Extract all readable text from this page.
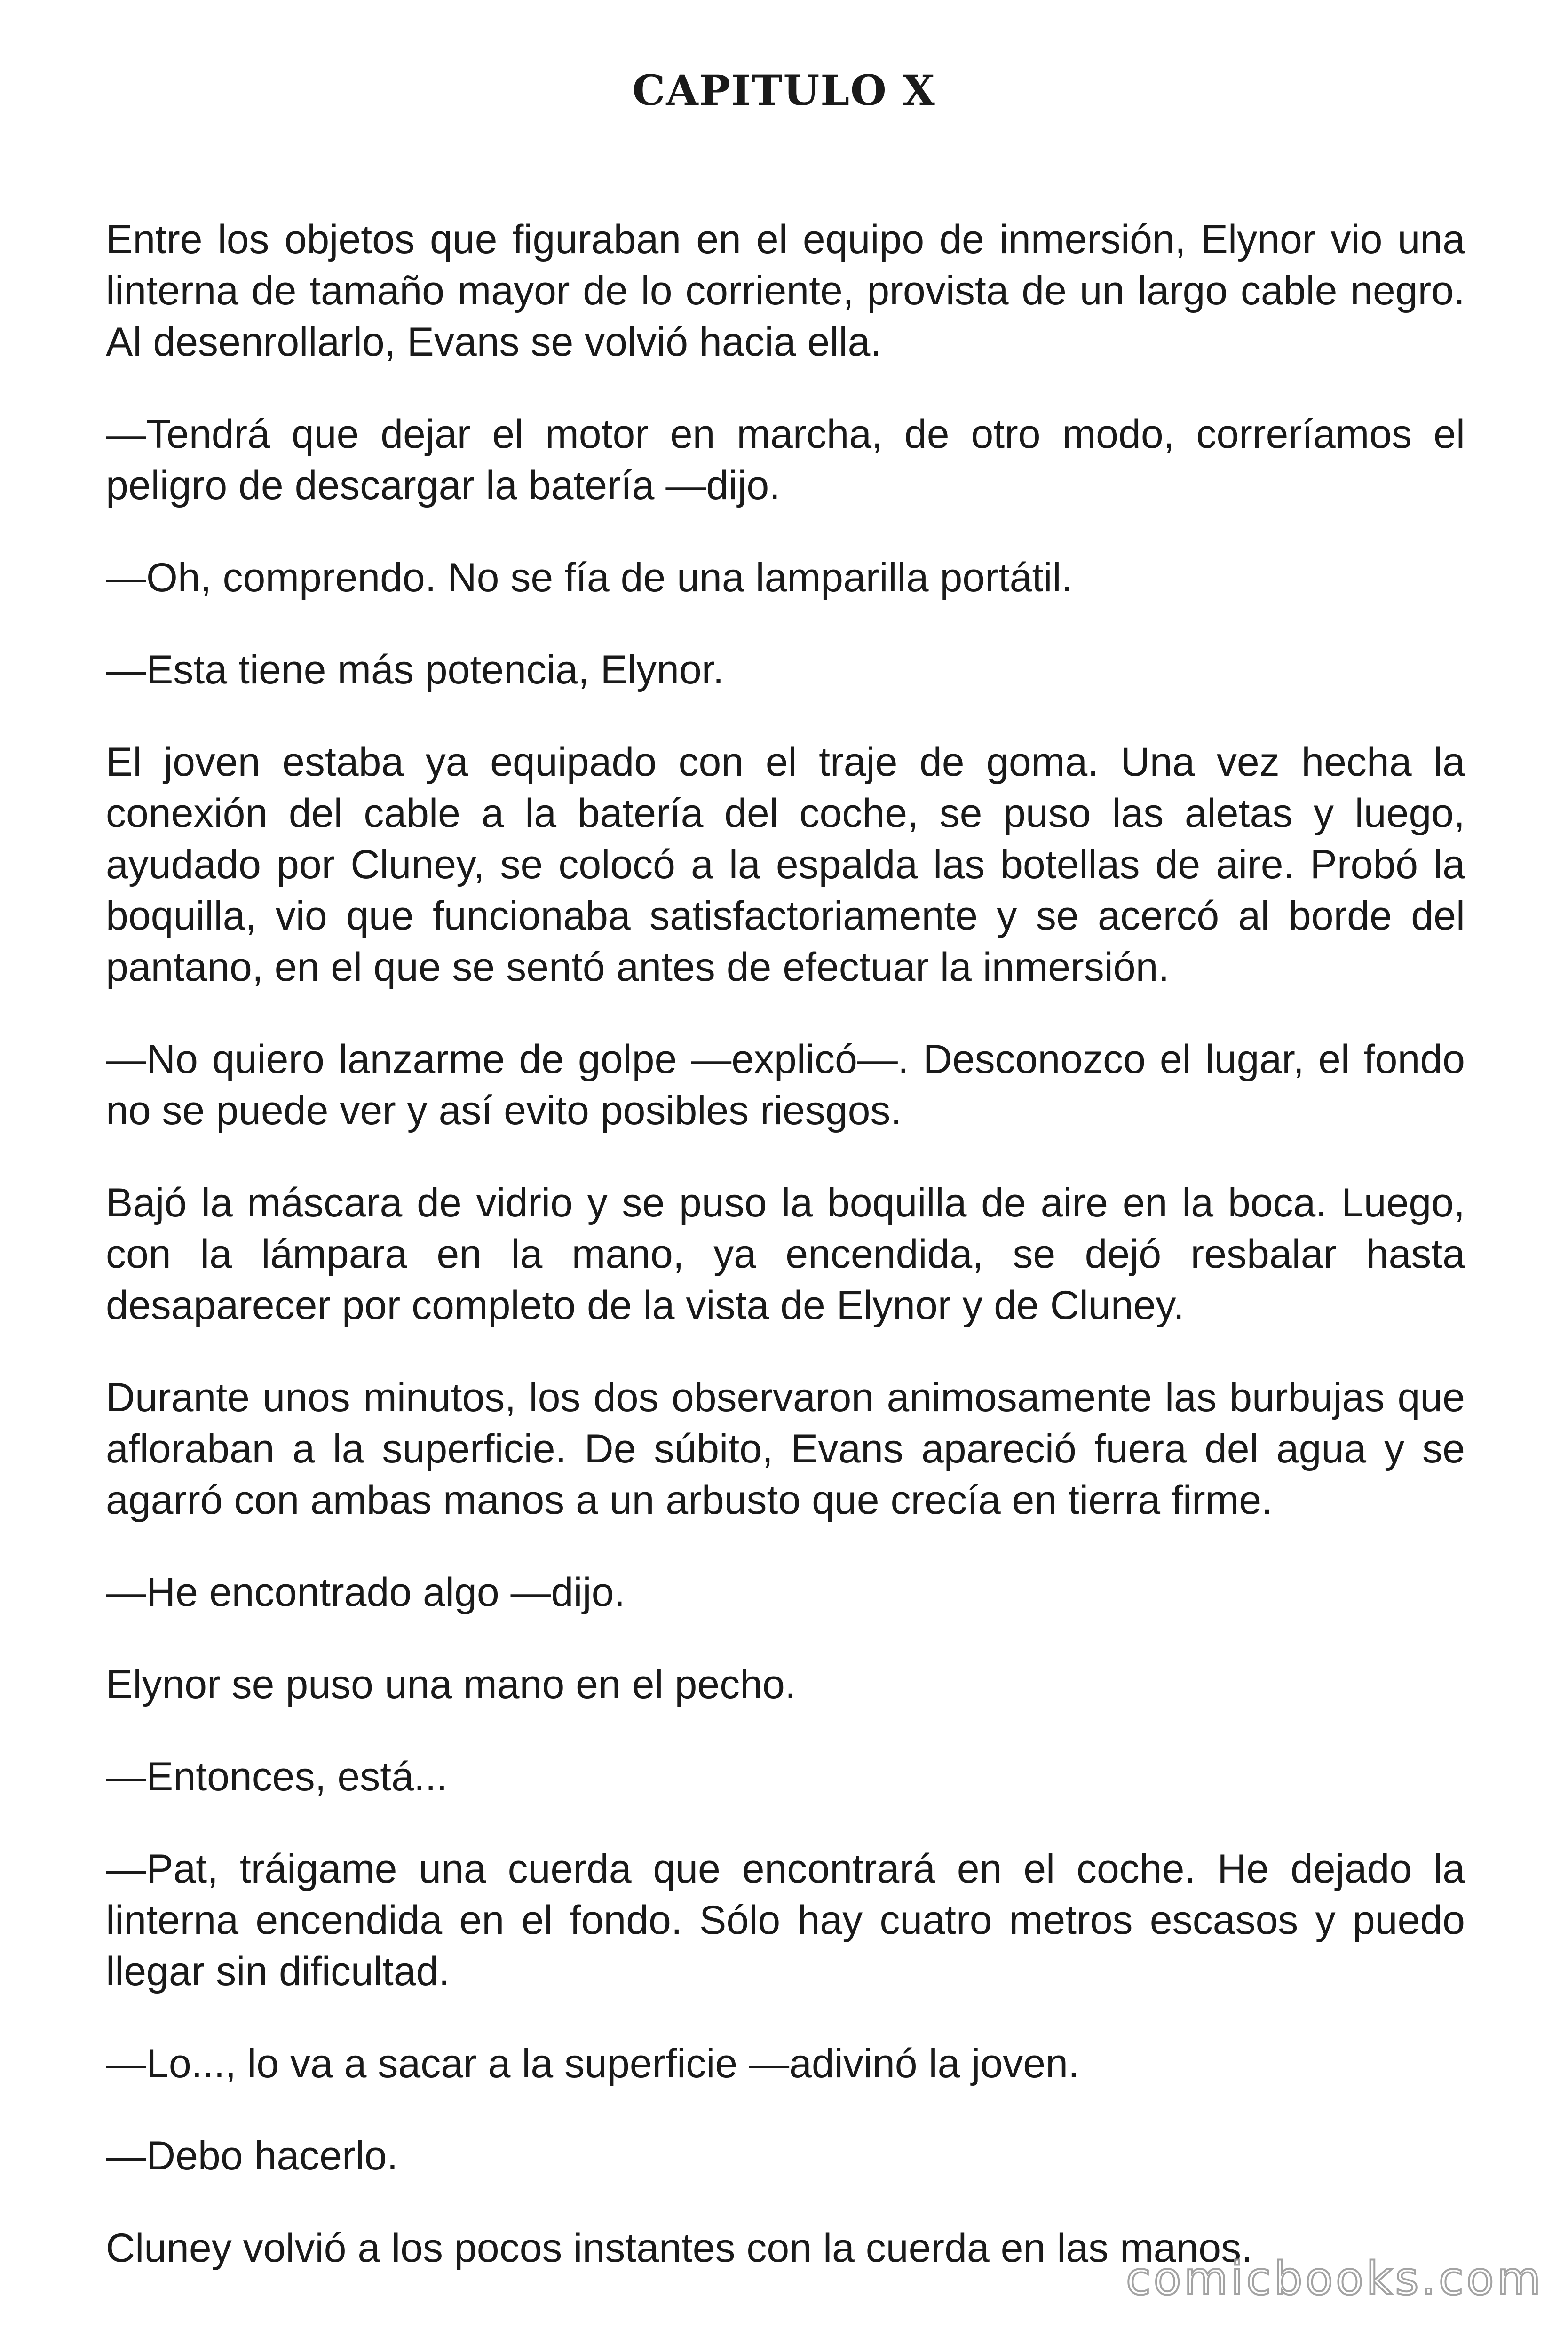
CAPITULO X

Entre los objetos que figuraban en el equipo de inmersión, Elynor vio una linterna de tamaño mayor de lo corriente, provista de un largo cable negro. Al desenrollarlo, Evans se volvió hacia ella.

—Tendrá que dejar el motor en marcha, de otro modo, correríamos el peligro de descargar la batería —dijo.

—Oh, comprendo. No se fía de una lamparilla portátil.

—Esta tiene más potencia, Elynor.

El joven estaba ya equipado con el traje de goma. Una vez hecha la conexión del cable a la batería del coche, se puso las aletas y luego, ayudado por Cluney, se colocó a la espalda las botellas de aire. Probó la boquilla, vio que funcionaba satisfactoriamente y se acercó al borde del pantano, en el que se sentó antes de efectuar la inmersión.

—No quiero lanzarme de golpe —explicó—. Desconozco el lugar, el fondo no se puede ver y así evito posibles riesgos.

Bajó la máscara de vidrio y se puso la boquilla de aire en la boca. Luego, con la lámpara en la mano, ya encendida, se dejó resbalar hasta desaparecer por completo de la vista de Elynor y de Cluney.

Durante unos minutos, los dos observaron animosamente las burbujas que afloraban a la superficie. De súbito, Evans apareció fuera del agua y se agarró con ambas manos a un arbusto que crecía en tierra firme.

—He encontrado algo —dijo.

Elynor se puso una mano en el pecho.

—Entonces, está...

—Pat, tráigame una cuerda que encontrará en el coche. He dejado la linterna encendida en el fondo. Sólo hay cuatro metros escasos y puedo llegar sin dificultad.

—Lo..., lo va a sacar a la superficie —adivinó la joven.

—Debo hacerlo.

Cluney volvió a los pocos instantes con la cuerda en las manos.

comicbooks.com
